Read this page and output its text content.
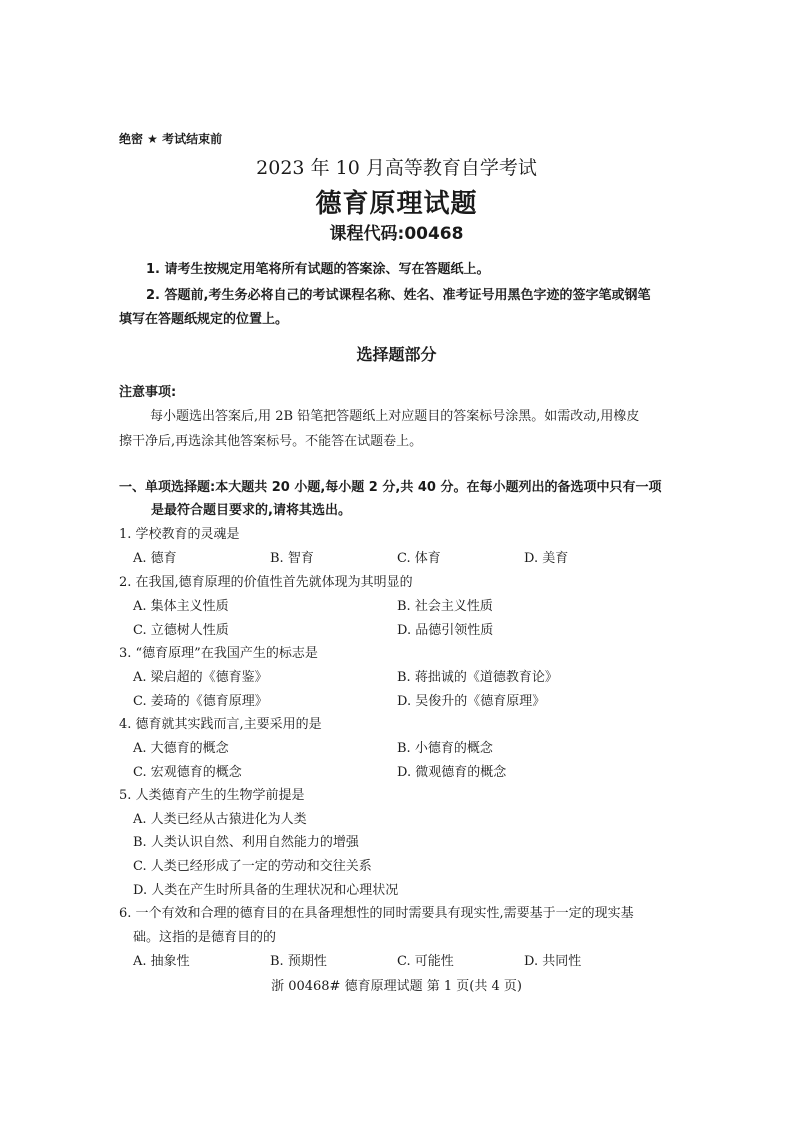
绝密 ★ 考试结束前
2023 年 10 月高等教育自学考试
德育原理试题
课程代码:00468
1. 请考生按规定用笔将所有试题的答案涂、写在答题纸上。
2. 答题前,考生务必将自己的考试课程名称、姓名、准考证号用黑色字迹的签字笔或钢笔
填写在答题纸规定的位置上。
选择题部分
注意事项:
每小题选出答案后,用 2B 铅笔把答题纸上对应题目的答案标号涂黑。如需改动,用橡皮
擦干净后,再选涂其他答案标号。不能答在试题卷上。
一、单项选择题:本大题共 20 小题,每小题 2 分,共 40 分。在每小题列出的备选项中只有一项
是最符合题目要求的,请将其选出。
1. 学校教育的灵魂是
A. 德育	B. 智育	C. 体育	D. 美育
2. 在我国,德育原理的价值性首先就体现为其明显的
A. 集体主义性质	B. 社会主义性质
C. 立德树人性质	D. 品德引领性质
3. “德育原理”在我国产生的标志是
A. 梁启超的《德育鉴》	B. 蒋拙诚的《道德教育论》
C. 姜琦的《德育原理》	D. 吴俊升的《德育原理》
4. 德育就其实践而言,主要采用的是
A. 大德育的概念	B. 小德育的概念
C. 宏观德育的概念	D. 微观德育的概念
5. 人类德育产生的生物学前提是
A. 人类已经从古猿进化为人类
B. 人类认识自然、利用自然能力的增强
C. 人类已经形成了一定的劳动和交往关系
D. 人类在产生时所具备的生理状况和心理状况
6. 一个有效和合理的德育目的在具备理想性的同时需要具有现实性,需要基于一定的现实基
础。这指的是德育目的的
A. 抽象性	B. 预期性	C. 可能性	D. 共同性
浙 00468# 德育原理试题 第 1 页(共 4 页)
